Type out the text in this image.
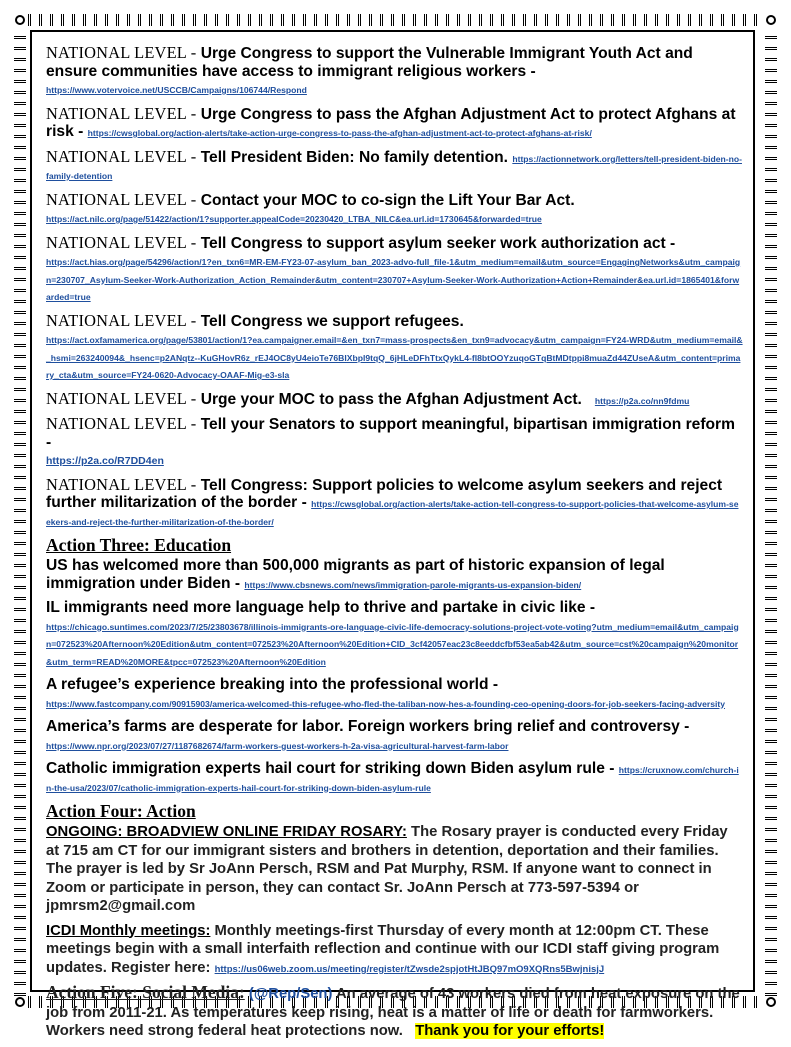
NATIONAL LEVEL - Urge Congress to support the Vulnerable Immigrant Youth Act and ensure communities have access to immigrant religious workers -
https://www.votervoice.net/USCCB/Campaigns/106744/Respond
NATIONAL LEVEL - Urge Congress to pass the Afghan Adjustment Act to protect Afghans at risk - https://cwsglobal.org/action-alerts/take-action-urge-congress-to-pass-the-afghan-adjustment-act-to-protect-afghans-at-risk/
NATIONAL LEVEL - Tell President Biden: No family detention. https://actionnetwork.org/letters/tell-president-biden-no-family-detention
NATIONAL LEVEL - Contact your MOC to co-sign the Lift Your Bar Act.
https://act.nilc.org/page/51422/action/1?supporter.appealCode=20230420_LTBA_NILC&ea.url.id=1730645&forwarded=true
NATIONAL LEVEL - Tell Congress to support asylum seeker work authorization act -
https://act.hias.org/page/54296/action/1?en_txn6=MR-EM-FY23-07-asylum_ban_2023-advo-full_file-1&utm_medium=email&utm_source=EngagingNetworks&utm_campaign=230707_Asylum-Seeker-Work-Authorization_Action_Remainder&utm_content=230707+Asylum-Seeker-Work-Authorization+Action+Remainder&ea.url.id=1865401&forwarded=true
NATIONAL LEVEL - Tell Congress we support refugees.
https://act.oxfamamerica.org/page/53801/action/1?ea.campaigner.email=&en_txn7=mass-prospects&en_txn9=advocacy&utm_campaign=FY24-WRD&utm_medium=email&_hsmi=263240094&_hsenc=p2ANqtz--KuGHovR6z_rEJ4OC8yU4eioTe76BIXbpl9tqQ_6jHLeDFhTtxQykL4-fl8btOOYzuqoGTqBtMDtppi8muaZd44ZUseA&utm_content=primary_cta&utm_source=FY24-0620-Advocacy-OAAF-Mig-e3-sla
NATIONAL LEVEL - Urge your MOC to pass the Afghan Adjustment Act. https://p2a.co/nn9fdmu
NATIONAL LEVEL - Tell your Senators to support meaningful, bipartisan immigration reform -
https://p2a.co/R7DD4en
NATIONAL LEVEL - Tell Congress: Support policies to welcome asylum seekers and reject further militarization of the border - https://cwsglobal.org/action-alerts/take-action-tell-congress-to-support-policies-that-welcome-asylum-seekers-and-reject-the-further-militarization-of-the-border/
Action Three: Education
US has welcomed more than 500,000 migrants as part of historic expansion of legal immigration under Biden - https://www.cbsnews.com/news/immigration-parole-migrants-us-expansion-biden/
IL immigrants need more language help to thrive and partake in civic like -
https://chicago.suntimes.com/2023/7/25/23803678/illinois-immigrants-ore-language-civic-life-democracy-solutions-project-vote-voting?utm_medium=email&utm_campaign=072523%20Afternoon%20Edition&utm_content=072523%20Afternoon%20Edition+CID_3cf42057eac23c8eeddcfbf53ea5ab42&utm_source=cst%20campaign%20monitor&utm_term=READ%20MORE&tpcc=072523%20Afternoon%20Edition
A refugee’s experience breaking into the professional world -
https://www.fastcompany.com/90915903/america-welcomed-this-refugee-who-fled-the-taliban-now-hes-a-founding-ceo-opening-doors-for-job-seekers-facing-adversity
America’s farms are desperate for labor. Foreign workers bring relief and controversy -
https://www.npr.org/2023/07/27/1187682674/farm-workers-guest-workers-h-2a-visa-agricultural-harvest-farm-labor
Catholic immigration experts hail court for striking down Biden asylum rule - https://cruxnow.com/church-in-the-usa/2023/07/catholic-immigration-experts-hail-court-for-striking-down-biden-asylum-rule
Action Four: Action
ONGOING: BROADVIEW ONLINE FRIDAY ROSARY: The Rosary prayer is conducted every Friday at 715 am CT for our immigrant sisters and brothers in detention, deportation and their families. The prayer is led by Sr JoAnn Persch, RSM and Pat Murphy, RSM. If anyone want to connect in Zoom or participate in person, they can contact Sr. JoAnn Persch at 773-597-5394 or jpmrsm2@gmail.com
ICDI Monthly meetings: Monthly meetings-first Thursday of every month at 12:00pm CT. These meetings begin with a small interfaith reflection and continue with our ICDI staff giving program updates. Register here: https://us06web.zoom.us/meeting/register/tZwsde2spjotHtJBQ97mO9XQRns5BwjnisjJ
Action Five: Social Media: (@Rep/Sen) An average of 43 workers died from heat exposure on the job from 2011-21. As temperatures keep rising, heat is a matter of life or death for farmworkers. Workers need strong federal heat protections now. Thank you for your efforts!
